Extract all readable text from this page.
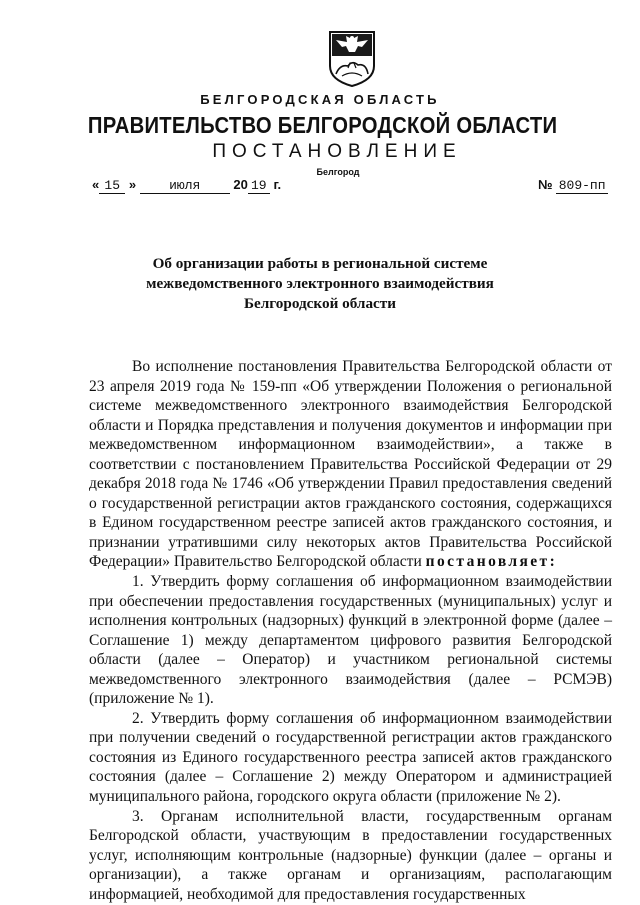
БЕЛГОРОДСКАЯ ОБЛАСТЬ
ПРАВИТЕЛЬСТВО БЕЛГОРОДСКОЙ ОБЛАСТИ
ПОСТАНОВЛЕНИЕ
Белгород
« 15 »	июля	20 19 г.	№ 809-пп
Об организации работы в региональной системе
межведомственного электронного взаимодействия
Белгородской области

Во исполнение постановления Правительства Белгородской области от 23 апреля 2019 года № 159-пп «Об утверждении Положения о региональной системе межведомственного электронного взаимодействия Белгородской области и Порядка представления и получения документов и информации при межведомственном информационном взаимодействии», а также в соответствии с постановлением Правительства Российской Федерации от 29 декабря 2018 года № 1746 «Об утверждении Правил предоставления сведений о государственной регистрации актов гражданского состояния, содержащихся в Едином государственном реестре записей актов гражданского состояния, и признании утратившими силу некоторых актов Правительства Российской Федерации» Правительство Белгородской области постановляет:

1. Утвердить форму соглашения об информационном взаимодействии при обеспечении предоставления государственных (муниципальных) услуг и исполнения контрольных (надзорных) функций в электронной форме (далее – Соглашение 1) между департаментом цифрового развития Белгородской области (далее – Оператор) и участником региональной системы межведомственного электронного взаимодействия (далее – РСМЭВ) (приложение № 1).

2. Утвердить форму соглашения об информационном взаимодействии при получении сведений о государственной регистрации актов гражданского состояния из Единого государственного реестра записей актов гражданского состояния (далее – Соглашение 2) между Оператором и администрацией муниципального района, городского округа области (приложение № 2).

3. Органам исполнительной власти, государственным органам Белгородской области, участвующим в предоставлении государственных услуг, исполняющим контрольные (надзорные) функции (далее – органы и организации), а также органам и организациям, располагающим информацией, необходимой для предоставления государственных
